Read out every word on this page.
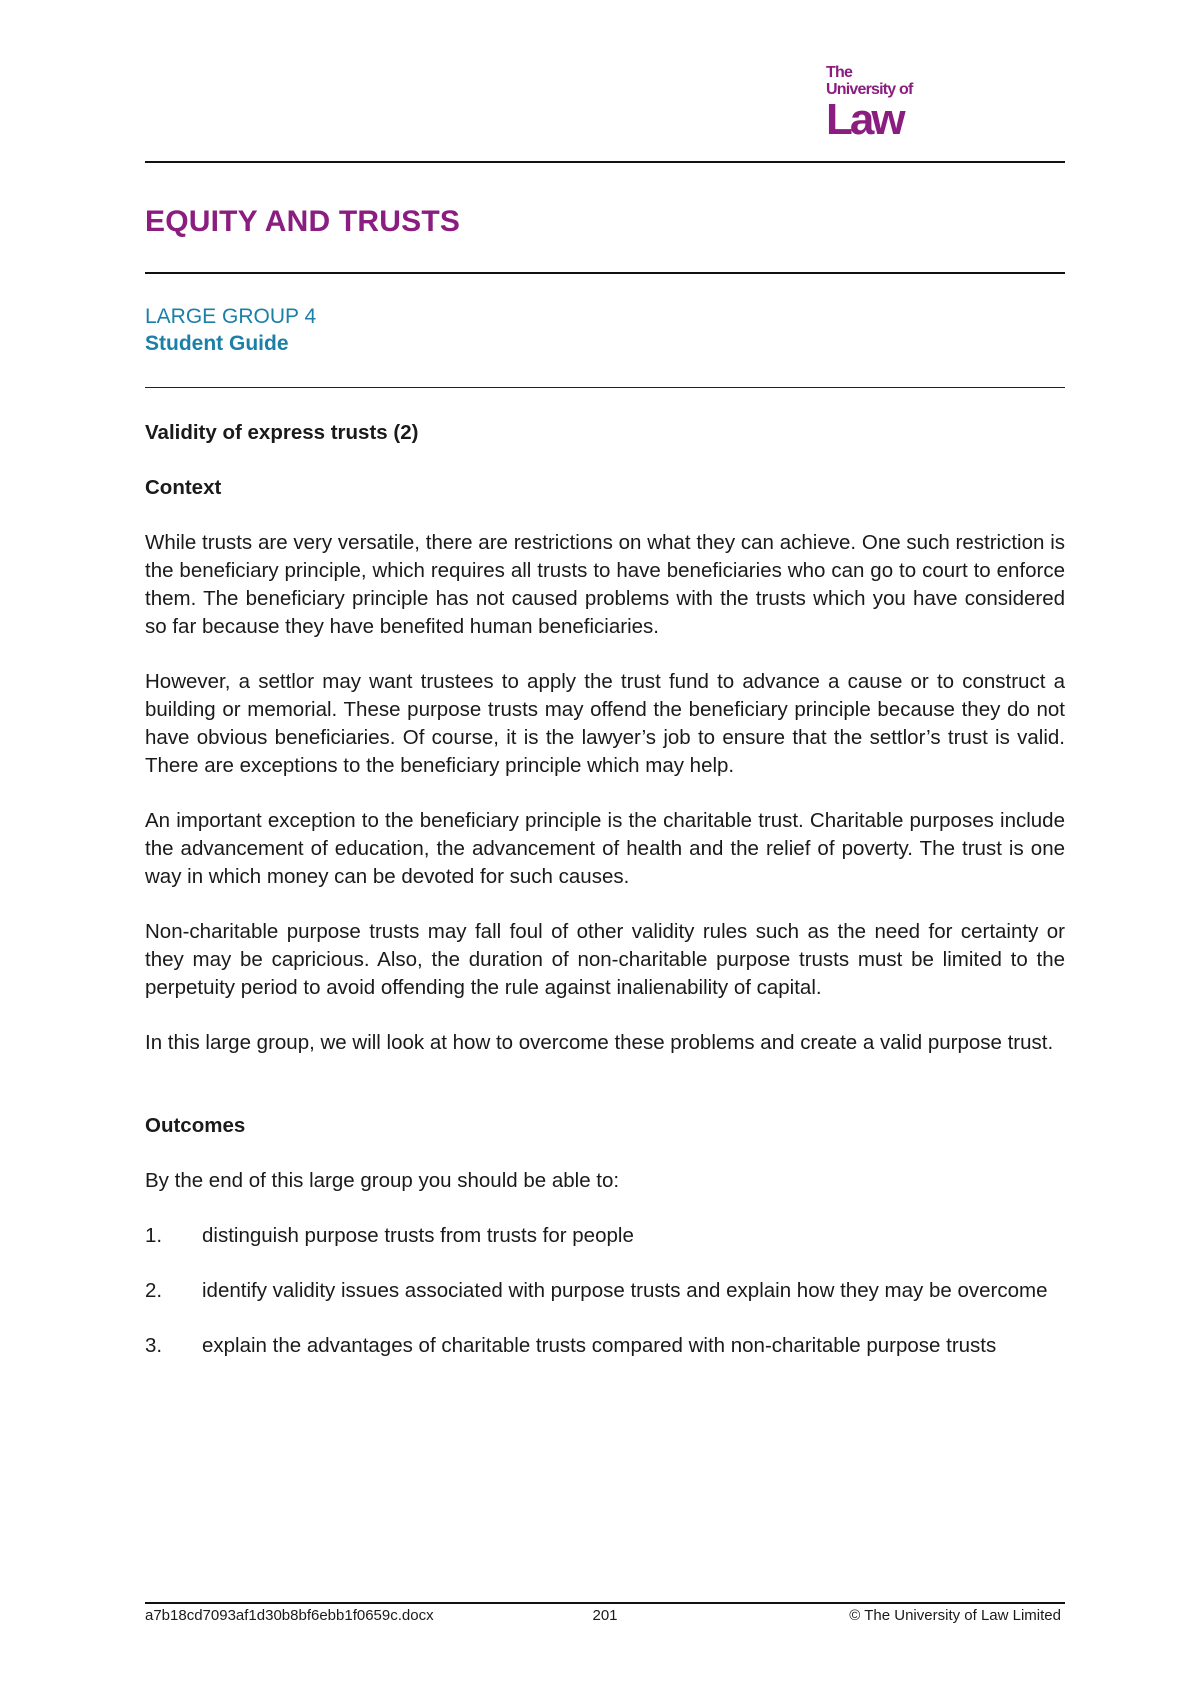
The
University of
Law
EQUITY AND TRUSTS
LARGE GROUP 4
Student Guide
Validity of express trusts (2)
Context

While trusts are very versatile, there are restrictions on what they can achieve. One such restriction is the beneficiary principle, which requires all trusts to have beneficiaries who can go to court to enforce them. The beneficiary principle has not caused problems with the trusts which you have considered so far because they have benefited human beneficiaries.

However, a settlor may want trustees to apply the trust fund to advance a cause or to construct a building or memorial. These purpose trusts may offend the beneficiary principle because they do not have obvious beneficiaries. Of course, it is the lawyer’s job to ensure that the settlor’s trust is valid. There are exceptions to the beneficiary principle which may help.

An important exception to the beneficiary principle is the charitable trust. Charitable purposes include the advancement of education, the advancement of health and the relief of poverty. The trust is one way in which money can be devoted for such causes.

Non-charitable purpose trusts may fall foul of other validity rules such as the need for certainty or they may be capricious. Also, the duration of non-charitable purpose trusts must be limited to the perpetuity period to avoid offending the rule against inalienability of capital.

In this large group, we will look at how to overcome these problems and create a valid purpose trust.

Outcomes

By the end of this large group you should be able to:

1.	distinguish purpose trusts from trusts for people
2.	identify validity issues associated with purpose trusts and explain how they may be overcome
3.	explain the advantages of charitable trusts compared with non-charitable purpose trusts
a7b18cd7093af1d30b8bf6ebb1f0659c.docx	201	© The University of Law Limited
